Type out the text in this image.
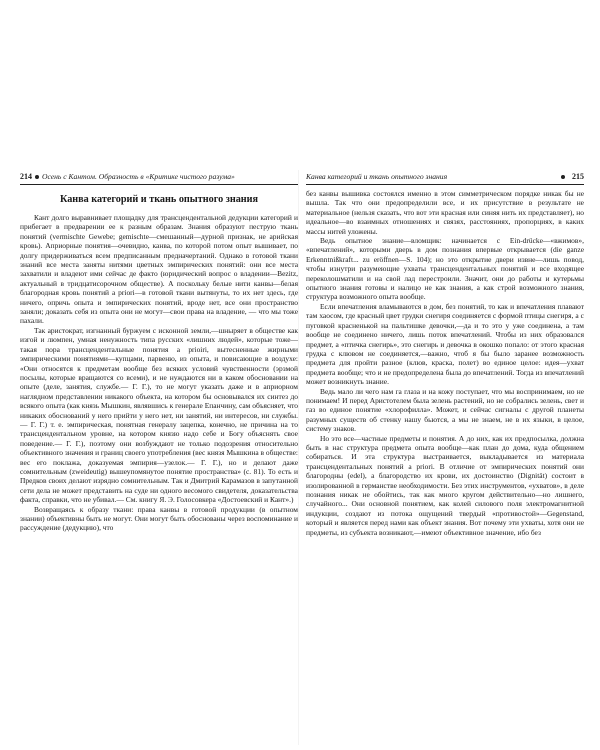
214 Осень с Кантом. Образность в «Критике чистого разума»
Канва категорий и ткань опытного знания

Кант долго выравнивает площадку для трансцендентальной дедукции категорий и прибегает в предварении ее к разным образам. Знания образуют пеструю ткань понятий (vermischte Gewebe; gemischte—смешанный—дурной признак, не арийская кровь). Априорные понятия—очевидно, канва, по которой потом опыт вышивает, по долгу придерживаться всем предписанным предначертаний. Однако в готовой ткани знаний все места заняты нитями цветных эмпирических понятий: они все места захватили и владеют ими сейчас де факто (юридический вопрос о владении—Bezitz, актуальный в тридцатисорочном обществе). А поскольку белые нити канвы—белая благородная кровь понятий a priori—в готовой ткани вытянуты, то их нет здесь, где ничего, опричь опыта и эмпирических понятий, вроде нет, все они пространство заняли; доказать себя из опыта они не могут—свои права на владение, — что мы тоже пахали.

Так аристократ, изгнанный буржуем с исконной земли,—шныряет в обществе как изгой и люмпен, умная ненужность типа русских «лишних людей», которые тоже—такая пора трансцендентальные понятия a prioiri, вытесненные жирными эмпирическими понятиями—купцами, парвеню, из опыта, и повисающие в воздухе: «Они относятся к предметам вообще без всяких условий чувственности (эрзмой посылы, которые вращаются со всеми), и не нуждаются ни в каком обосновании на опыте (деле, занятия, службе.— Г. Г.), то не могут указать даже и в априорном наглядном представлении никакого объекта, на котором бы основывался их синтез до всякого опыта (как князь Мышкин, являвшись к генерале Епанчину, сам объясняет, что никаких обоснований у него прийти у него нет, ни занятий, ни интересов, ни службы.— Г. Г.) т. е. эмпирическая, понятная генералу зацепка, конечно, не причина на то трансцендентальном уровне, на котором князю надо себе и Богу объяснять свое поведение.— Г. Г.), поэтому они возбуждают не только подозрения относительно объективного значения и границ своего употребления (вес князя Мышкина в обществе: вес его поклажа, доказуемая эмпирия—узелок.— Г. Г.), но и делают даже сомнительным (zweideutig) вышеупомянутое понятие пространства» (с. 81). То есть и Предков своих делают изрядно сомнительным. Так и Дмитрий Карамазов в запутанной сети дела не может представить на суде ни одного весомого свидетеля, доказательства факта, справки, что не убивал.— См. книгу Я. Э. Голосовкера «Достоевский и Кант».)

Возвращаясь к образу ткани: права канвы в готовой продукции (в опытном знании) объективны быть не могут. Они могут быть обоснованы через воспоминание и рассуждение (дедукцию), что

Канва категорий и ткань опытного знания	215

без канвы вышивка состоялся именно в этом симметрическом порядке никак бы не вышла. Так что они предопределили все, и их присутствие в результате не материальное (нельзя сказать, что вот эти красная или синяя нить их представляет), но идеальное—во взаимных отношениях и связях, расстояниях, пропорциях, в каких массы нитей уложены.

Ведь опытное знание—вломщик: начинается с Ein-drücke—«вжимов», «впечатлений», которыми дверь в дом познания впервые открывается (die ganze Erkenntnißkraft... zu eröffnen—S. 104); но это открытие двери извне—лишь повод, чтобы изнутри разумеющие ухваты трансцендентальных понятий и все входящее переколошматили и на свой лад перестроили. Значит, они до работы и кутерьмы опытного знания готовы и налицо не как знания, а как строй возможного знания, структура возможного опыта вообще.

Если впечатления вламываются в дом, без понятий, то как и впечатления плавают там хаосом, где красный цвет грудки снегиря соединяется с формой птицы снегиря, а с пуговкой красненькой на пальтишке девочки,—да и то это у уже соединена, а там вообще не соединено ничего, лишь поток впечатлений. Чтобы из них образовался предмет, а «птичка снегирь», это снегирь и девочка в окошко попало: от этого красная грудка с клювом не соединяется,—важно, чтоб я бы было заранее возможность предмета для пройти разное (клюв, краска, полет) во единое целое: идея—ухват предмета вообще; что и не предопределена была до впечатлений. Тогда из впечатлений может возникнуть знание.

Ведь мало ли чего нам га глаза и на кожу поступает, что мы воспринимаем, но не понимаем! И перед Аристотелем была зелень растений, но не собрались зелень, свет и газ во единое понятие «хлорофилла». Может, и сейчас сигналы с другой планеты разумных существ об стенку нашу бьются, а мы не знаем, не в их языки, в целое, систему знаков.

Но это все—частные предметы и понятия. А до них, как их предпосылка, должна быть в нас структура предмета опыта вообще—как план до дома, куда общением собираться. И эта структура выстраивается, выкладывается из материала трансцендентальных понятий a priori. В отличие от эмпирических понятий они благородны (edel), а благородство их крови, их достоинство (Dignität) состоит в изолированной в германстве необходимости. Без этих инструментов, «ухватов», в деле познания никак не обойтись, так как много кругом действительно—но лишнего, случайного... Они основной понятием, как колей силового поля электромагнитной индукции, создают из потока ощущений твердый «противостой»—Gegenstand, который и является перед нами как объект знания. Вот почему эти ухваты, хотя они не предметы, из субъекта возникают,—имеют объективное значение, ибо без
